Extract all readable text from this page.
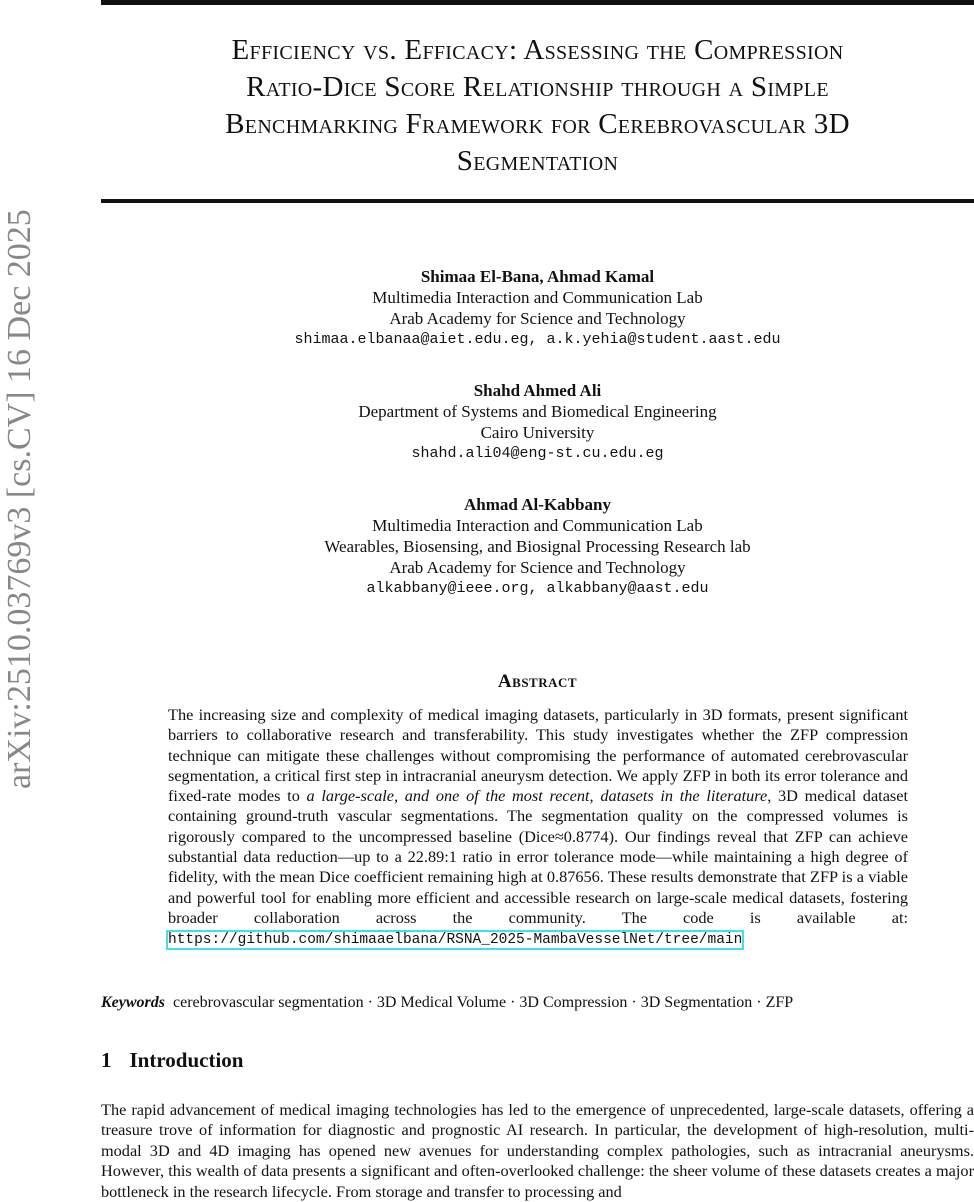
Efficiency vs. Efficacy: Assessing the Compression
Ratio-Dice Score Relationship through a Simple
Benchmarking Framework for Cerebrovascular 3D
Segmentation
arXiv:2510.03769v3 [cs.CV] 16 Dec 2025	Shimaa El-Bana, Ahmad Kamal
Multimedia Interaction and Communication Lab
Arab Academy for Science and Technology
shimaa.elbanaa@aiet.edu.eg, a.k.yehia@student.aast.edu
Shahd Ahmed Ali
Department of Systems and Biomedical Engineering
Cairo University
shahd.ali04@eng-st.cu.edu.eg
Ahmad Al-Kabbany
Multimedia Interaction and Communication Lab
Wearables, Biosensing, and Biosignal Processing Research lab
Arab Academy for Science and Technology
alkabbany@ieee.org, alkabbany@aast.edu
Abstract
The increasing size and complexity of medical imaging datasets, particularly in 3D formats, present significant barriers to collaborative research and transferability. This study investigates whether the ZFP compression technique can mitigate these challenges without compromising the performance of automated cerebrovascular segmentation, a critical first step in intracranial aneurysm detection. We apply ZFP in both its error tolerance and fixed-rate modes to a large-scale, and one of the most recent, datasets in the literature, 3D medical dataset containing ground-truth vascular segmentations. The segmentation quality on the compressed volumes is rigorously compared to the uncompressed baseline (Dice≈0.8774). Our findings reveal that ZFP can achieve substantial data reduction—up to a 22.89:1 ratio in error tolerance mode—while maintaining a high degree of fidelity, with the mean Dice coefficient remaining high at 0.87656. These results demonstrate that ZFP is a viable and powerful tool for enabling more efficient and accessible research on large-scale medical datasets, fostering broader collaboration across the community. The code is available at: https://github.com/shimaaelbana/RSNA_2025-MambaVesselNet/tree/main
Keywords cerebrovascular segmentation · 3D Medical Volume · 3D Compression · 3D Segmentation · ZFP
1 Introduction
The rapid advancement of medical imaging technologies has led to the emergence of unprecedented, large-scale datasets, offering a treasure trove of information for diagnostic and prognostic AI research. In particular, the development of high-resolution, multi-modal 3D and 4D imaging has opened new avenues for understanding complex pathologies, such as intracranial aneurysms. However, this wealth of data presents a significant and often-overlooked challenge: the sheer volume of these datasets creates a major bottleneck in the research lifecycle. From storage and transfer to processing and
